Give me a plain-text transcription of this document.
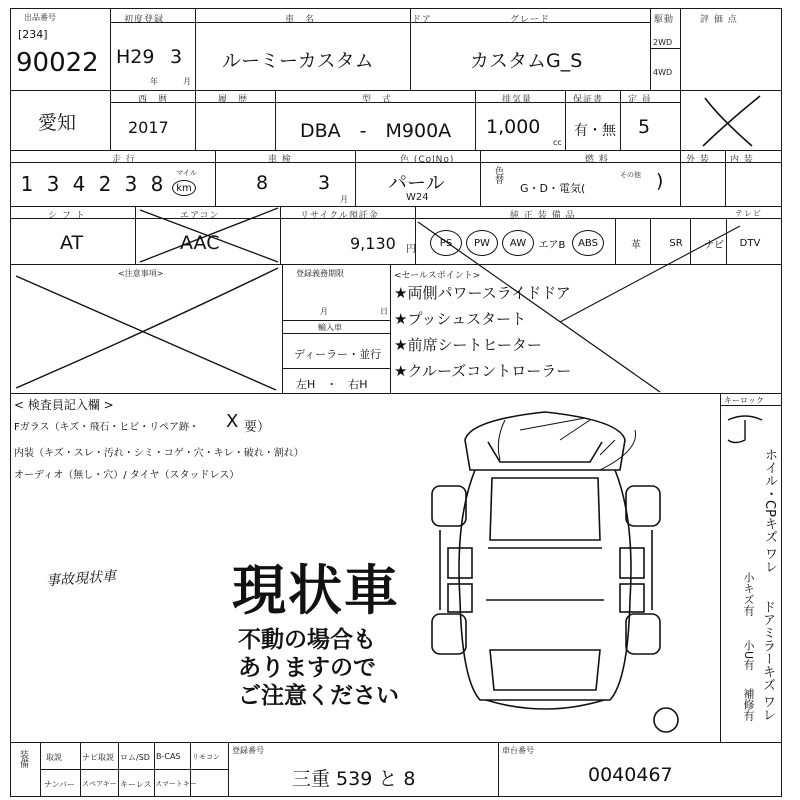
出品番号
[234]
90022
初度登録
H29 3
年	月
車　名
ルーミーカスタム
ドア	グレード
カスタムG_S
駆動
2WD
4WD
評 価 点
愛知
西　暦
2017
履　歴	型　式
DBA　-　M900A
排気量
1,000
cc
保証書
有・無
定 員
5
走 行
1 3 4 2 3 8	マイル
km
車 検
8	3
月
色 (ColNo)
パール
W24
色替
燃 料
G・D・電気(
その他 )
外 装 内 装
シ フ ト
AT
エアコン
AAC
リサイクル預託金
9,130 円
純 正 装 備 品	テレビ
PS	PW	AW	エアB	ABS	革	SR	ナビ	DTV
<注意事項>	登録義務期限
月	日
輸入車
ディーラー・並行
左H　・　右H
<セールスポイント>
★両側パワースライドドア
★プッシュスタート
★前席シートヒーター
★クルーズコントローラー
< 検査員記入欄 >
Fガラス（キズ・飛石・ヒビ・リペア跡・ X 要）
内装（キズ・スレ・汚れ・シミ・コゲ・穴・キレ・破れ・割れ）
オーディオ（無し・穴）/ タイヤ（スタッドレス）
事故現状車 現状車
不動の場合も
ありますので
ご注意ください
キーロック
ホイル・CPキズ ワレ
小キズ有
ドアミラーキズ ワレ
小U有
補修有
装備 取説	ナビ取説 ロム/SD B-CAS リモコン
ナンバー スペアキー キーレス スマートキー
登録番号
三重 539 と 8
車台番号
0040467
